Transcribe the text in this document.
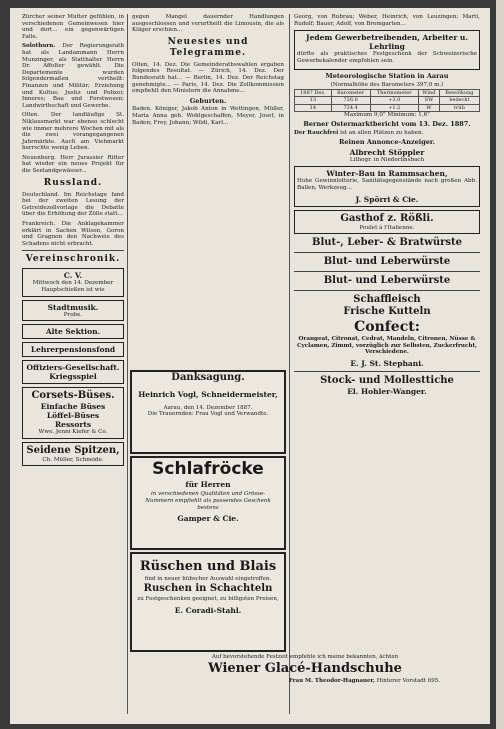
Zürcher seiner Mutter gefühlen, in verschiedenen Gemeinwesen hier und dort... ein gegenwärtigen Falle.

Solothurn. Der Regierungsrath hat als Landammann Herrn Munzinger, als Statthalter Herrn Dr. Affolter gewählt. Die Departemente wurden folgendermaßen vertheilt: Finanzen und Militär; Erziehung und Kultus; Justiz und Polizei; Inneres; Bau und Forstwesen; Landwirthschaft und Gewerbe.

Olten. Der landläufige St. Niklausmarkt war ebenso schlecht wie immer mehrere Wochen mit als die zwei vorangegangenen Jahrmärkte. Auch am Viehmarkt herrschte wenig Leben.

Neuenburg. Herr Jurassier Ritter hat wieder ein neues Projekt für die Seelandgewässer...

Russland.

Deutschland. Im Reichstage fand bei der zweiten Lesung der Getreidezollvorlage die Debatte über die Erhöhung der Zölle statt...

Frankreich. Die Anklagekammer erklärt in Sachen Wilson, Goron und Gragnon den Nachweis des Schadens nicht erbracht.

Vereinschronik.
C. V.
Mittwoch den 14. Dezember
Hauptschießen ist wie
Stadtmusik.
Probe.
Alte Sektion.
Lehrerpensionsfond
Offiziers-Gesellschaft.
Kriegsspiel
Corsets-Büses.
Einfache Büses
Löffel-Büses
Ressorts
Wwe. Jenni Kiefer & Co.
Seidene Spitzen,
Ch. Müller, Schneide.

gegen Mangel dauernder Handlungen ausgeschlossen und verurtheilt die Limousin, die als Kläger erschien...

Neuestes und Telegramme.

Olten, 14. Dez. Die Gemeinderathswahlen ergaben folgendes Resultat. — Zürich, 14. Dez. Der Bundesrath hat... — Berlin, 14. Dez. Der Reichstag genehmigte... — Paris, 14. Dez. Die Zollkommission empfiehlt den Ministern die Annahme...

Geburten.

Baden. Königer, Jakob Anton in Wettingen, Müller, Maria Anna geb. Wohlgeschaffen, Meyer, Josef, in Baden; Frey, Johann; Wildi, Karl...

Danksagung.
Heinrich Vogl, Schneidermeister,
Aarau, den 14. Dezember 1887.
Die Trauernden: Frau Vogl und Verwandte.
Schlafröcke
für Herren
in verschiedenen Qualitäten und Grösse-Nummern empfiehlt als passendes Geschenk bestens
Gamper & Cie.
Rüschen und Blais
find in neuer hübscher Auswahl eingetroffen.
Ruschen in Schachteln
zu Festgeschenken geeignet, zu billigsten Preisen,
E. Coradi-Stahl.
Auf bevorstehende Festzeit empfehle ich meine bekannten, ächten
Wiener Glacé-Handschuhe
Frau M. Theodor-Hagnauer, Hinterer Vorstadt 695.

Georg, von Rubrau; Weber, Heinrich, von Leuzingen; Marti, Rudolf; Bauer, Adolf, von Bremgarten...

Jedem Gewerbetreibenden, Arbeiter u. Lehrling

dürfte als praktisches Festgeschenk der Schweizerische Gewerbekalender empfohlen sein.

Meteorologische Station in Aarau
(Normalhöhe des Barometers 397,0 m.)
1887 Dez.	Barometer	Thermometer	Wind	Bewölkung
13	726.0	+3.0	SW	bedeckt
14	724.4	+1.2	W	trüb
Maximum 9,0° Minimum: 1,6°
Berner Ostermarktbericht vom 13. Dez. 1887.

Der Rauchfrei ist an allen Plätzen zu haben.

Reinen Annonce-Anzeiger.
Albrecht Stöppler
Lithogr. in Niederlinsbach
Winter-Bau in Rammsachen,

Hohe Gewinnlotterie, Sanitätsgegenstände nach großen Abb. Ballen, Werkzeug...

J. Spörri & Cie.
Gasthof z. Rößli.
Poulet à l'Italienne.
Blut-, Leber- & Bratwürste
Blut- und Leberwürste
Blut- und Leberwürste
Schaffleisch
Frische Kutteln
Confect:

Orangeat, Citronat, Cedrat, Mandeln, Citronen, Nüsse & Cyclamen, Zimmt, vorzüglich zur Selbsten, Zuckerfrucht, Verschiedene.

E. J. St. Stephani.
Stock- und Mollesttiche
El. Hohler-Wanger.
